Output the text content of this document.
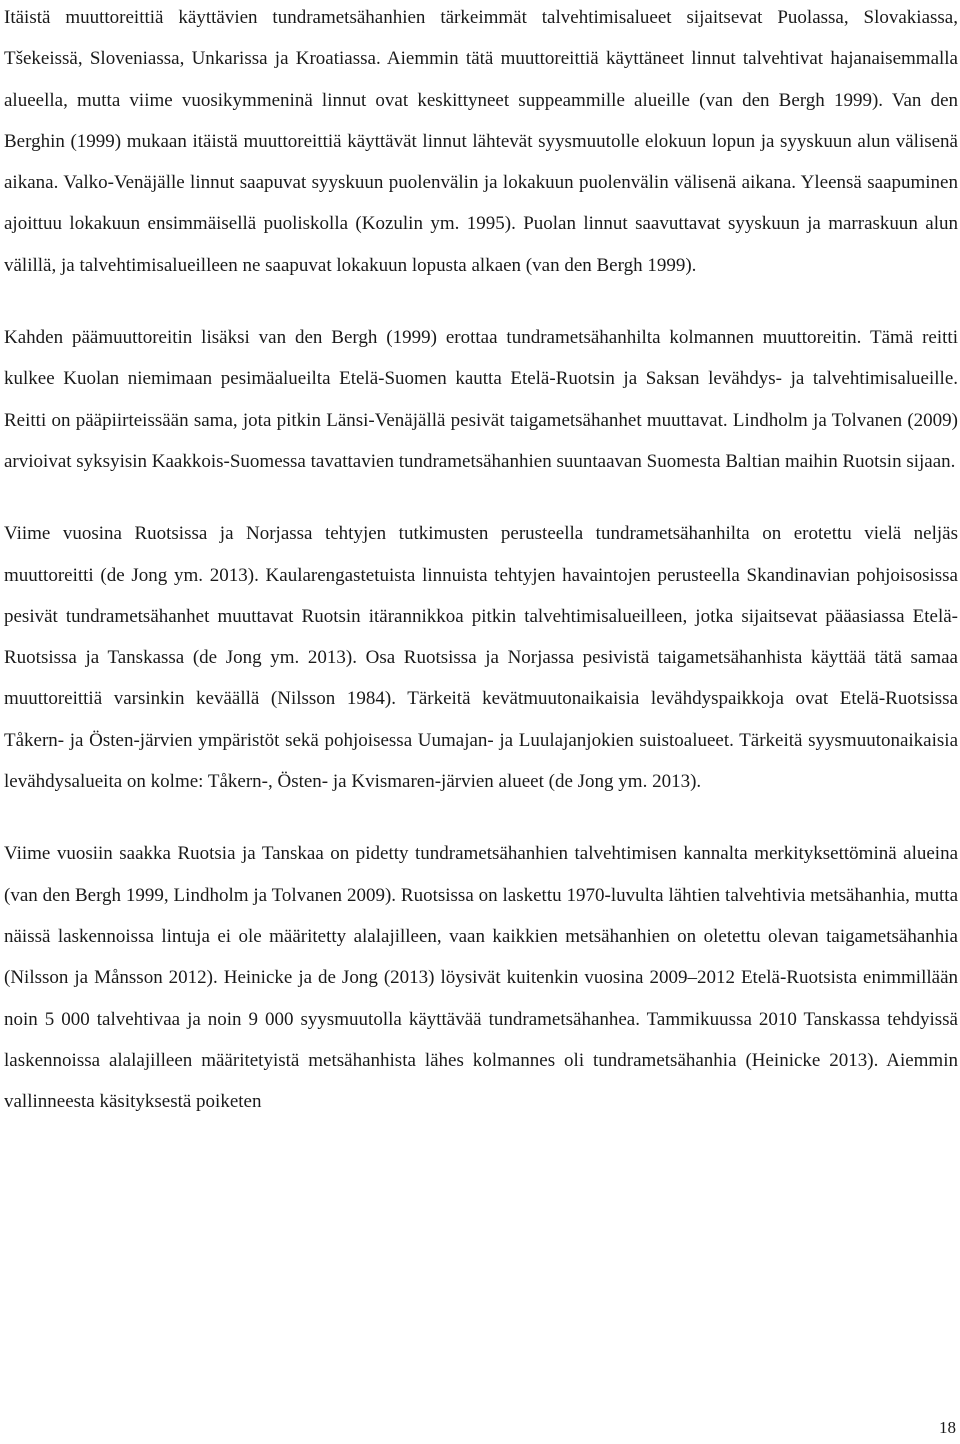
Itäistä muuttoreittiä käyttävien tundrametsähanhien tärkeimmät talvehtimisalueet sijaitsevat Puolassa, Slovakiassa, Tšekeissä, Sloveniassa, Unkarissa ja Kroatiassa. Aiemmin tätä muuttoreittiä käyttäneet linnut talvehtivat hajanaisemmalla alueella, mutta viime vuosikymmeninä linnut ovat keskittyneet suppeammille alueille (van den Bergh 1999). Van den Berghin (1999) mukaan itäistä muuttoreittiä käyttävät linnut lähtevät syysmuutolle elokuun lopun ja syyskuun alun välisenä aikana. Valko-Venäjälle linnut saapuvat syyskuun puolenvälin ja lokakuun puolenvälin välisenä aikana. Yleensä saapuminen ajoittuu lokakuun ensimmäisellä puoliskolla (Kozulin ym. 1995). Puolan linnut saavuttavat syyskuun ja marraskuun alun välillä, ja talvehtimisalueilleen ne saapuvat lokakuun lopusta alkaen (van den Bergh 1999).

Kahden päämuuttoreitin lisäksi van den Bergh (1999) erottaa tundrametsähanhilta kolmannen muuttoreitin. Tämä reitti kulkee Kuolan niemimaan pesimäalueilta Etelä-Suomen kautta Etelä-Ruotsin ja Saksan levähdys- ja talvehtimisalueille. Reitti on pääpiirteissään sama, jota pitkin Länsi-Venäjällä pesivät taigametsähanhet muuttavat. Lindholm ja Tolvanen (2009) arvioivat syksyisin Kaakkois-Suomessa tavattavien tundrametsähanhien suuntaavan Suomesta Baltian maihin Ruotsin sijaan.

Viime vuosina Ruotsissa ja Norjassa tehtyjen tutkimusten perusteella tundrametsähanhilta on erotettu vielä neljäs muuttoreitti (de Jong ym. 2013). Kaularengastetuista linnuista tehtyjen havaintojen perusteella Skandinavian pohjoisosissa pesivät tundrametsähanhet muuttavat Ruotsin itärannikkoa pitkin talvehtimisalueilleen, jotka sijaitsevat pääasiassa Etelä-Ruotsissa ja Tanskassa (de Jong ym. 2013). Osa Ruotsissa ja Norjassa pesivistä taigametsähanhista käyttää tätä samaa muuttoreittiä varsinkin keväällä (Nilsson 1984). Tärkeitä kevätmuutonaikaisia levähdyspaikkoja ovat Etelä-Ruotsissa Tåkern- ja Östen-järvien ympäristöt sekä pohjoisessa Uumajan- ja Luulajanjokien suistoalueet. Tärkeitä syysmuutonaikaisia levähdysalueita on kolme: Tåkern-, Östen- ja Kvismaren-järvien alueet (de Jong ym. 2013).

Viime vuosiin saakka Ruotsia ja Tanskaa on pidetty tundrametsähanhien talvehtimisen kannalta merkityksettöminä alueina (van den Bergh 1999, Lindholm ja Tolvanen 2009). Ruotsissa on laskettu 1970-luvulta lähtien talvehtivia metsähanhia, mutta näissä laskennoissa lintuja ei ole määritetty alalajilleen, vaan kaikkien metsähanhien on oletettu olevan taigametsähanhia (Nilsson ja Månsson 2012). Heinicke ja de Jong (2013) löysivät kuitenkin vuosina 2009–2012 Etelä-Ruotsista enimmillään noin 5 000 talvehtivaa ja noin 9 000 syysmuutolla käyttävää tundrametsähanhea. Tammikuussa 2010 Tanskassa tehdyissä laskennoissa alalajilleen määritetyistä metsähanhista lähes kolmannes oli tundrametsähanhia (Heinicke 2013). Aiemmin vallinneesta käsityksestä poiketen

18
